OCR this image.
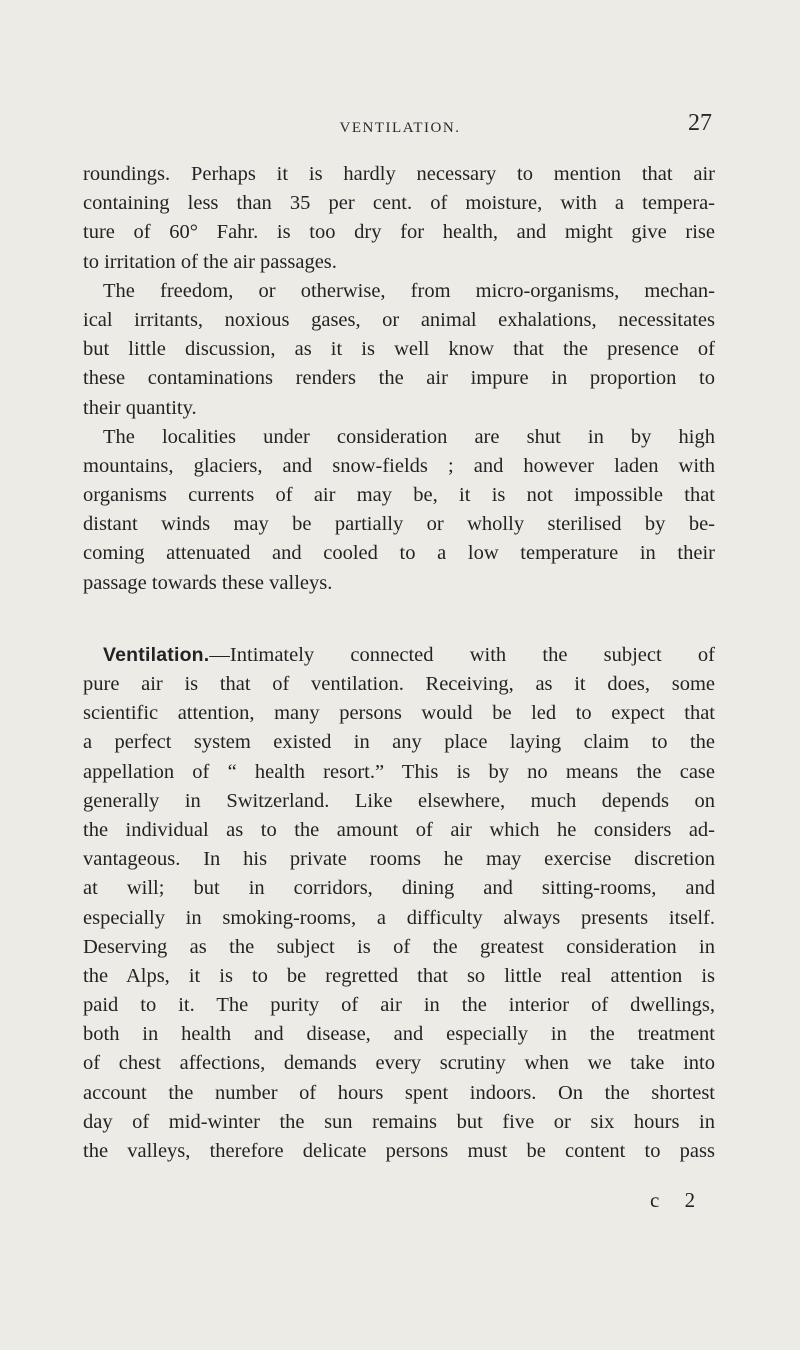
VENTILATION.	27
roundings. Perhaps it is hardly necessary to mention that air
containing less than 35 per cent. of moisture, with a tempera-
ture of 60° Fahr. is too dry for health, and might give rise
to irritation of the air passages.
The freedom, or otherwise, from micro-organisms, mechan-
ical irritants, noxious gases, or animal exhalations, necessitates
but little discussion, as it is well know that the presence of
these contaminations renders the air impure in proportion to
their quantity.
The localities under consideration are shut in by high
mountains, glaciers, and snow-fields ; and however laden with
organisms currents of air may be, it is not impossible that
distant winds may be partially or wholly sterilised by be-
coming attenuated and cooled to a low temperature in their
passage towards these valleys.
Ventilation.—Intimately connected with the subject of
pure air is that of ventilation. Receiving, as it does, some
scientific attention, many persons would be led to expect that
a perfect system existed in any place laying claim to the
appellation of “ health resort.” This is by no means the case
generally in Switzerland. Like elsewhere, much depends on
the individual as to the amount of air which he considers ad-
vantageous. In his private rooms he may exercise discretion
at will; but in corridors, dining and sitting-rooms, and
especially in smoking-rooms, a difficulty always presents itself.
Deserving as the subject is of the greatest consideration in
the Alps, it is to be regretted that so little real attention is
paid to it. The purity of air in the interior of dwellings,
both in health and disease, and especially in the treatment
of chest affections, demands every scrutiny when we take into
account the number of hours spent indoors. On the shortest
day of mid-winter the sun remains but five or six hours in
the valleys, therefore delicate persons must be content to pass
c 2
